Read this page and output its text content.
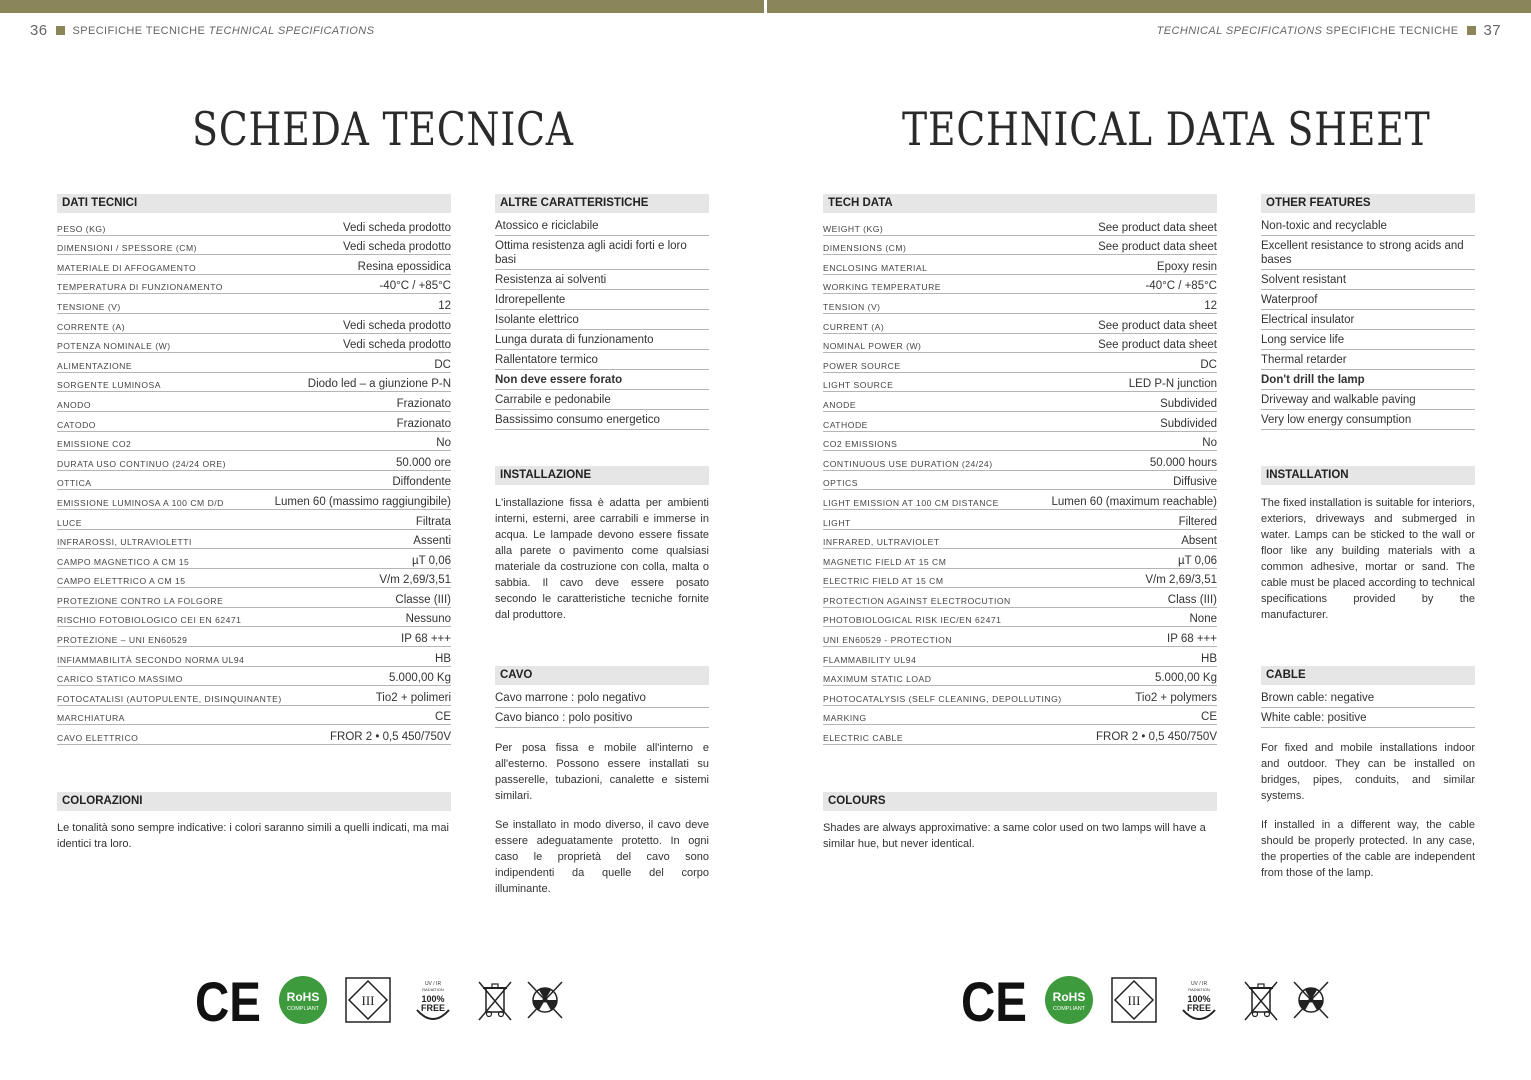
36 SPECIFICHE TECNICHE TECHNICAL SPECIFICATIONS
SCHEDA TECNICA
DATI TECNICI
PESO (KG)	Vedi scheda prodotto
DIMENSIONI / SPESSORE (CM)	Vedi scheda prodotto
MATERIALE DI AFFOGAMENTO	Resina epossidica
TEMPERATURA DI FUNZIONAMENTO	-40°C / +85°C
TENSIONE (V)	12
CORRENTE (A)	Vedi scheda prodotto
POTENZA NOMINALE (W)	Vedi scheda prodotto
ALIMENTAZIONE	DC
SORGENTE LUMINOSA	Diodo led – a giunzione P-N
ANODO	Frazionato
CATODO	Frazionato
EMISSIONE CO2	No
DURATA USO CONTINUO (24/24 ORE)	50.000 ore
OTTICA	Diffondente
EMISSIONE LUMINOSA A 100 CM D/D	Lumen 60 (massimo raggiungibile)
LUCE	Filtrata
INFRAROSSI, ULTRAVIOLETTI	Assenti
CAMPO MAGNETICO A CM 15	µT 0,06
CAMPO ELETTRICO A CM 15	V/m 2,69/3,51
PROTEZIONE CONTRO LA FOLGORE	Classe (III)
RISCHIO FOTOBIOLOGICO CEI EN 62471	Nessuno
PROTEZIONE – UNI EN60529	IP 68 +++
INFIAMMABILITÀ SECONDO NORMA UL94	HB
CARICO STATICO MASSIMO	5.000,00 Kg
FOTOCATALISI (AUTOPULENTE, DISINQUINANTE)	Tio2 + polimeri
MARCHIATURA	CE
CAVO ELETTRICO	FROR 2 • 0,5 450/750V
COLORAZIONI
Le tonalità sono sempre indicative: i colori saranno simili a quelli indicati, ma mai identici tra loro.
ALTRE CARATTERISTICHE
Atossico e riciclabile
Ottima resistenza agli acidi forti e loro basi
Resistenza ai solventi
Idrorepellente
Isolante elettrico
Lunga durata di funzionamento
Rallentatore termico
Non deve essere forato
Carrabile e pedonabile
Bassissimo consumo energetico
INSTALLAZIONE
L'installazione fissa è adatta per ambienti interni, esterni, aree carrabili e immerse in acqua. Le lampade devono essere fissate alla parete o pavimento come qualsiasi materiale da costruzione con colla, malta o sabbia. Il cavo deve essere posato secondo le caratteristiche tecniche fornite dal produttore.
CAVO
Cavo marrone : polo negativo
Cavo bianco : polo positivo
Per posa fissa e mobile all'interno e all'esterno. Possono essere installati su passerelle, tubazioni, canalette e sistemi similari.
Se installato in modo diverso, il cavo deve essere adeguatamente protetto. In ogni caso le proprietà del cavo sono indipendenti da quelle del corpo illuminante.
CE RoHS
COMPLIANT
III
UV / IR
RADIATION
100%
FREE
TECHNICAL SPECIFICATIONS SPECIFICHE TECNICHE 37
TECHNICAL DATA SHEET
TECH DATA
WEIGHT (KG)	See product data sheet
DIMENSIONS (CM)	See product data sheet
ENCLOSING MATERIAL	Epoxy resin
WORKING TEMPERATURE	-40°C / +85°C
TENSION (V)	12
CURRENT (A)	See product data sheet
NOMINAL POWER (W)	See product data sheet
POWER SOURCE	DC
LIGHT SOURCE	LED P-N junction
ANODE	Subdivided
CATHODE	Subdivided
CO2 EMISSIONS	No
CONTINUOUS USE DURATION (24/24)	50.000 hours
OPTICS	Diffusive
LIGHT EMISSION AT 100 CM DISTANCE	Lumen 60 (maximum reachable)
LIGHT	Filtered
INFRARED, ULTRAVIOLET	Absent
MAGNETIC FIELD AT 15 CM	µT 0,06
ELECTRIC FIELD AT 15 CM	V/m 2,69/3,51
PROTECTION AGAINST ELECTROCUTION	Class (III)
PHOTOBIOLOGICAL RISK IEC/EN 62471	None
UNI EN60529 - PROTECTION	IP 68 +++
FLAMMABILITY UL94	HB
MAXIMUM STATIC LOAD	5.000,00 Kg
PHOTOCATALYSIS (SELF CLEANING, DEPOLLUTING)	Tio2 + polymers
MARKING	CE
ELECTRIC CABLE	FROR 2 • 0,5 450/750V
COLOURS
Shades are always approximative: a same color used on two lamps will have a similar hue, but never identical.
OTHER FEATURES
Non-toxic and recyclable
Excellent resistance to strong acids and bases
Solvent resistant
Waterproof
Electrical insulator
Long service life
Thermal retarder
Don't drill the lamp
Driveway and walkable paving
Very low energy consumption
INSTALLATION
The fixed installation is suitable for interiors, exteriors, driveways and submerged in water. Lamps can be sticked to the wall or floor like any building materials with a common adhesive, mortar or sand. The cable must be placed according to technical specifications provided by the manufacturer.
CABLE
Brown cable: negative
White cable: positive
For fixed and mobile installations indoor and outdoor. They can be installed on bridges, pipes, conduits, and similar systems.
If installed in a different way, the cable should be properly protected. In any case, the properties of the cable are independent from those of the lamp.
CE RoHS
COMPLIANT
III
UV / IR
RADIATION
100%
FREE
